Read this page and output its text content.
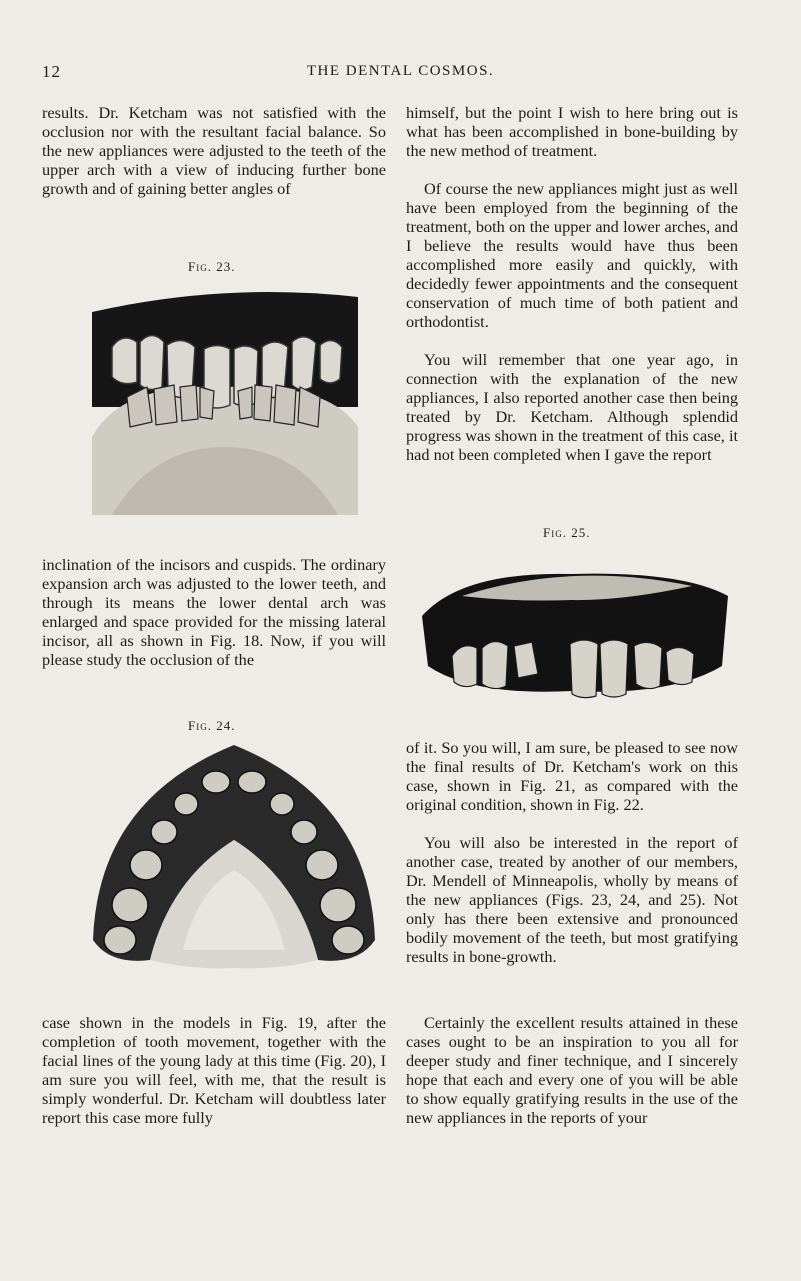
12	THE DENTAL COSMOS.

results. Dr. Ketcham was not satisfied with the occlusion nor with the resultant facial balance. So the new appliances were adjusted to the teeth of the upper arch with a view of inducing further bone growth and of gaining better angles of

Fig. 23.

inclination of the incisors and cuspids. The ordinary expansion arch was adjusted to the lower teeth, and through its means the lower dental arch was enlarged and space provided for the missing lateral incisor, all as shown in Fig. 18. Now, if you will please study the occlusion of the

Fig. 24.

case shown in the models in Fig. 19, after the completion of tooth movement, together with the facial lines of the young lady at this time (Fig. 20), I am sure you will feel, with me, that the result is simply wonderful. Dr. Ketcham will doubtless later report this case more fully

himself, but the point I wish to here bring out is what has been accomplished in bone-building by the new method of treatment.

Of course the new appliances might just as well have been employed from the beginning of the treatment, both on the upper and lower arches, and I believe the results would have thus been accomplished more easily and quickly, with decidedly fewer appointments and the consequent conservation of much time of both patient and orthodontist.

You will remember that one year ago, in connection with the explanation of the new appliances, I also reported another case then being treated by Dr. Ketcham. Although splendid progress was shown in the treatment of this case, it had not been completed when I gave the report

Fig. 25.

of it. So you will, I am sure, be pleased to see now the final results of Dr. Ketcham's work on this case, shown in Fig. 21, as compared with the original condition, shown in Fig. 22.

You will also be interested in the report of another case, treated by another of our members, Dr. Mendell of Minneapolis, wholly by means of the new appliances (Figs. 23, 24, and 25). Not only has there been extensive and pronounced bodily movement of the teeth, but most gratifying results in bone-growth.

Certainly the excellent results attained in these cases ought to be an inspiration to you all for deeper study and finer technique, and I sincerely hope that each and every one of you will be able to show equally gratifying results in the use of the new appliances in the reports of your
